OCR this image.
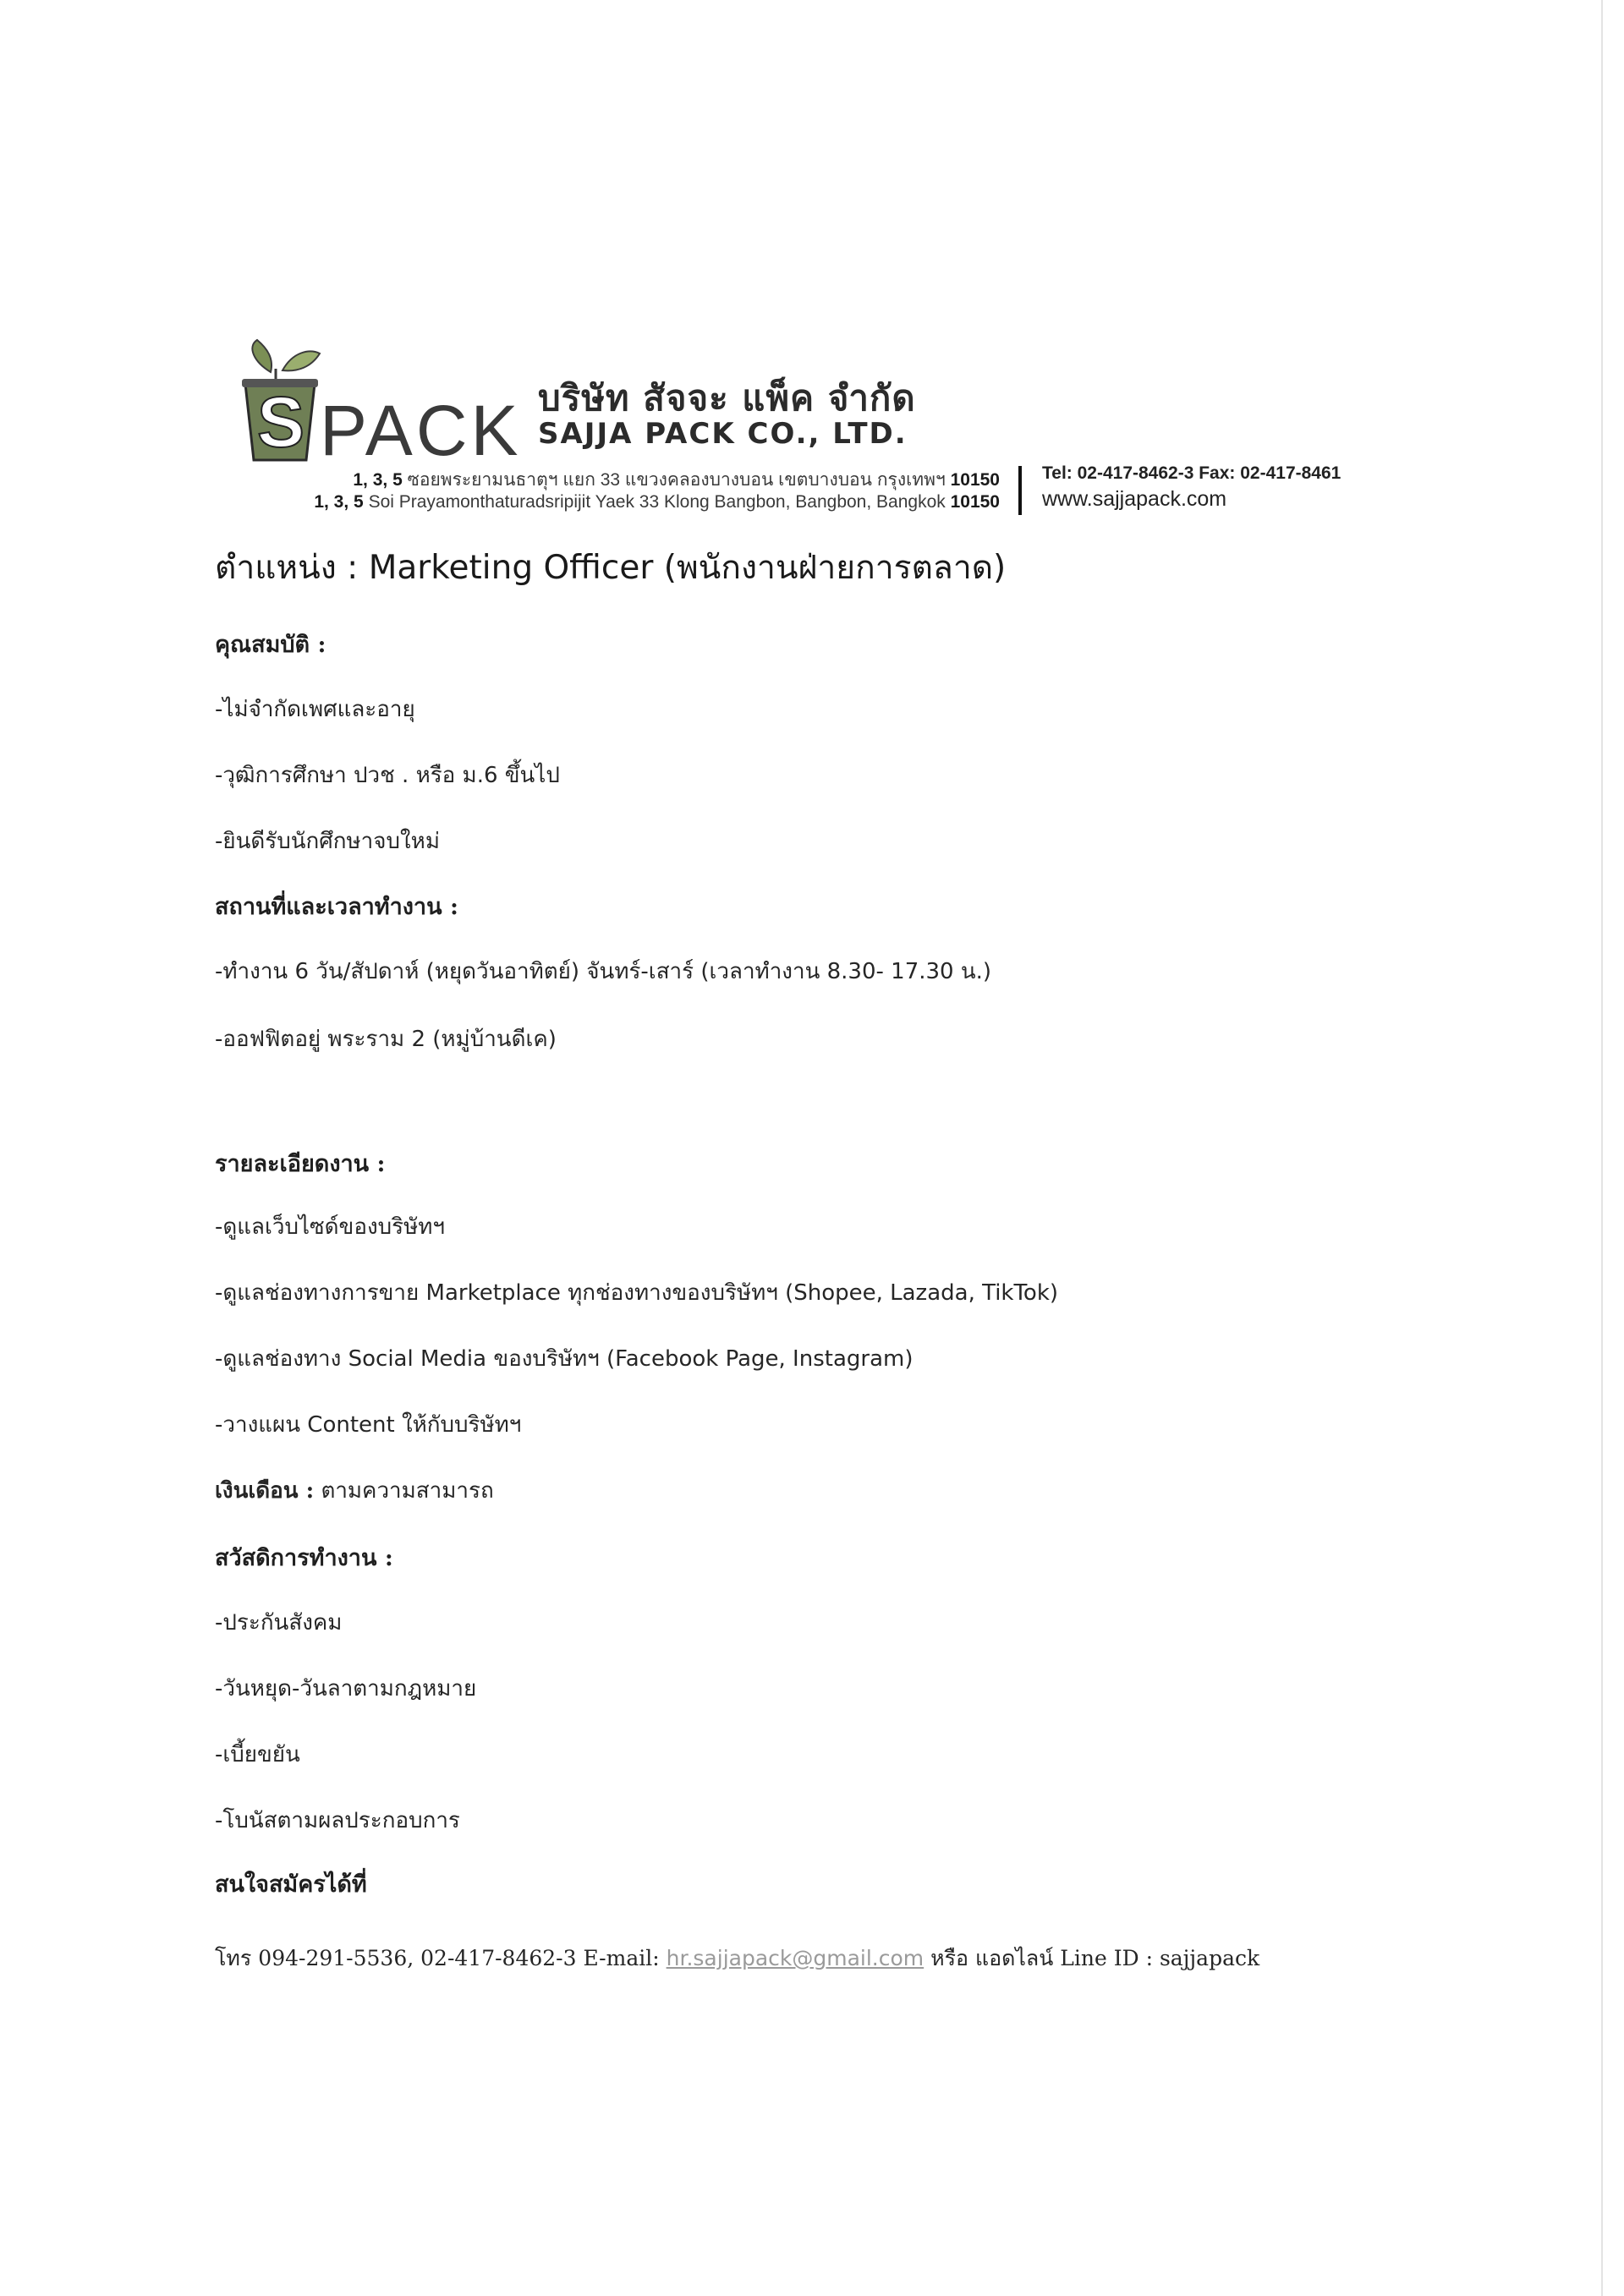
S PACK บริษัท สัจจะ แพ็ค จำกัด
SAJJA PACK CO., LTD.
1, 3, 5 ซอยพระยามนธาตุฯ แยก 33 แขวงคลองบางบอน เขตบางบอน กรุงเทพฯ 10150
1, 3, 5 Soi Prayamonthaturadsripijit Yaek 33 Klong Bangbon, Bangbon, Bangkok 10150
Tel: 02-417-8462-3 Fax: 02-417-8461
www.sajjapack.com
ตำแหน่ง : Marketing Officer (พนักงานฝ่ายการตลาด)
คุณสมบัติ :
-ไม่จำกัดเพศและอายุ
-วุฒิการศึกษา ปวช . หรือ ม.6 ขึ้นไป
-ยินดีรับนักศึกษาจบใหม่
สถานที่และเวลาทำงาน :
-ทำงาน 6 วัน/สัปดาห์ (หยุดวันอาทิตย์) จันทร์-เสาร์ (เวลาทำงาน 8.30- 17.30 น.)
-ออฟฟิตอยู่ พระราม 2 (หมู่บ้านดีเค)
รายละเอียดงาน :
-ดูแลเว็บไซด์ของบริษัทฯ
-ดูแลช่องทางการขาย Marketplace ทุกช่องทางของบริษัทฯ (Shopee, Lazada, TikTok)
-ดูแลช่องทาง Social Media ของบริษัทฯ (Facebook Page, Instagram)
-วางแผน Content ให้กับบริษัทฯ
เงินเดือน : ตามความสามารถ
สวัสดิการทำงาน :
-ประกันสังคม
-วันหยุด-วันลาตามกฎหมาย
-เบี้ยขยัน
-โบนัสตามผลประกอบการ
สนใจสมัครได้ที่
โทร 094-291-5536, 02-417-8462-3 E-mail: hr.sajjapack@gmail.com หรือ แอดไลน์ Line ID : sajjapack
